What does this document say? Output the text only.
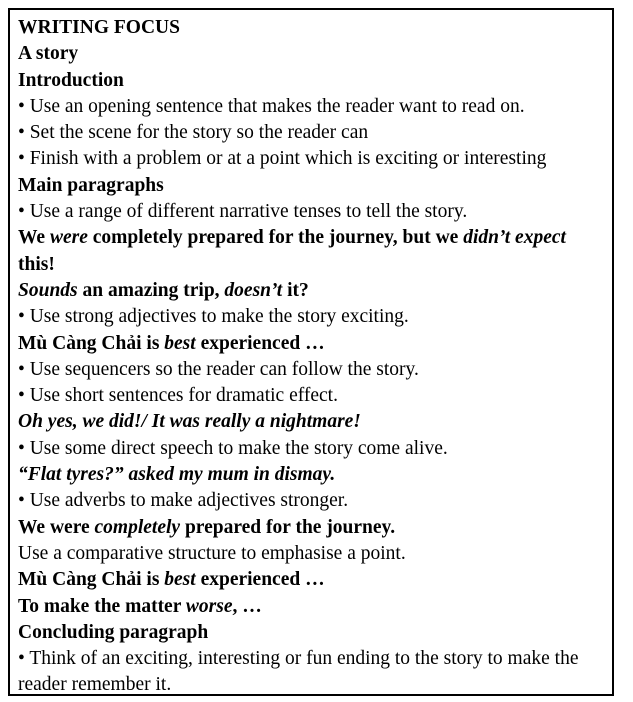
WRITING FOCUS
A story
Introduction
• Use an opening sentence that makes the reader want to read on.
• Set the scene for the story so the reader can
• Finish with a problem or at a point which is exciting or interesting
Main paragraphs
• Use a range of different narrative tenses to tell the story.
We were completely prepared for the journey, but we didn’t expect
this!
Sounds an amazing trip, doesn’t it?
• Use strong adjectives to make the story exciting.
Mù Càng Chải is best experienced …
• Use sequencers so the reader can follow the story.
• Use short sentences for dramatic effect.
Oh yes, we did!/ It was really a nightmare!
• Use some direct speech to make the story come alive.
“Flat tyres?” asked my mum in dismay.
• Use adverbs to make adjectives stronger.
We were completely prepared for the journey.
Use a comparative structure to emphasise a point.
Mù Càng Chải is best experienced …
To make the matter worse, …
Concluding paragraph
• Think of an exciting, interesting or fun ending to the story to make the
reader remember it.
